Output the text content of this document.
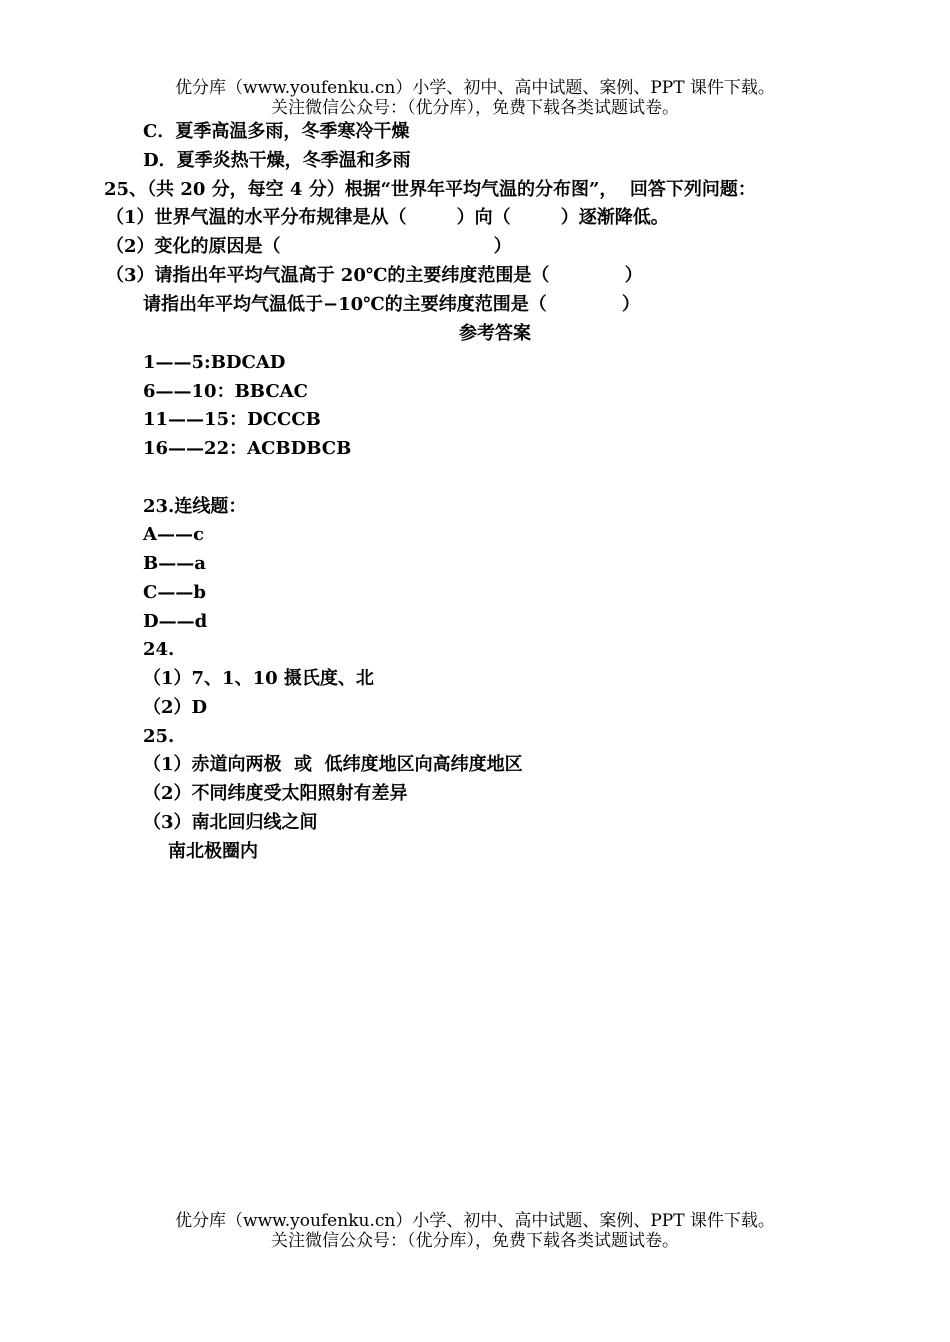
优分库（www.youfenku.cn）小学、初中、高中试题、案例、PPT 课件下载。
关注微信公众号：（优分库），免费下载各类试题试卷。
C．夏季高温多雨，冬季寒冷干燥
D．夏季炎热干燥，冬季温和多雨
25、（共 20 分，每空 4 分）根据“世界年平均气温的分布图”，  回答下列问题：
（1）世界气温的水平分布规律是从（        ）向（        ）逐渐降低。
（2）变化的原因是（                                  ）
（3）请指出年平均气温高于 20℃的主要纬度范围是（            ）
请指出年平均气温低于−10℃的主要纬度范围是（            ）
参考答案
1——5:BDCAD
6——10：BBCAC
11——15：DCCCB
16——22：ACBDBCB
23.连线题：
A——c
B——a
C——b
D——d
24.
（1）7、1、10 摄氏度、北
（2）D
25.
（1）赤道向两极  或  低纬度地区向高纬度地区
（2）不同纬度受太阳照射有差异
（3）南北回归线之间
南北极圈内
优分库（www.youfenku.cn）小学、初中、高中试题、案例、PPT 课件下载。
关注微信公众号：（优分库），免费下载各类试题试卷。
